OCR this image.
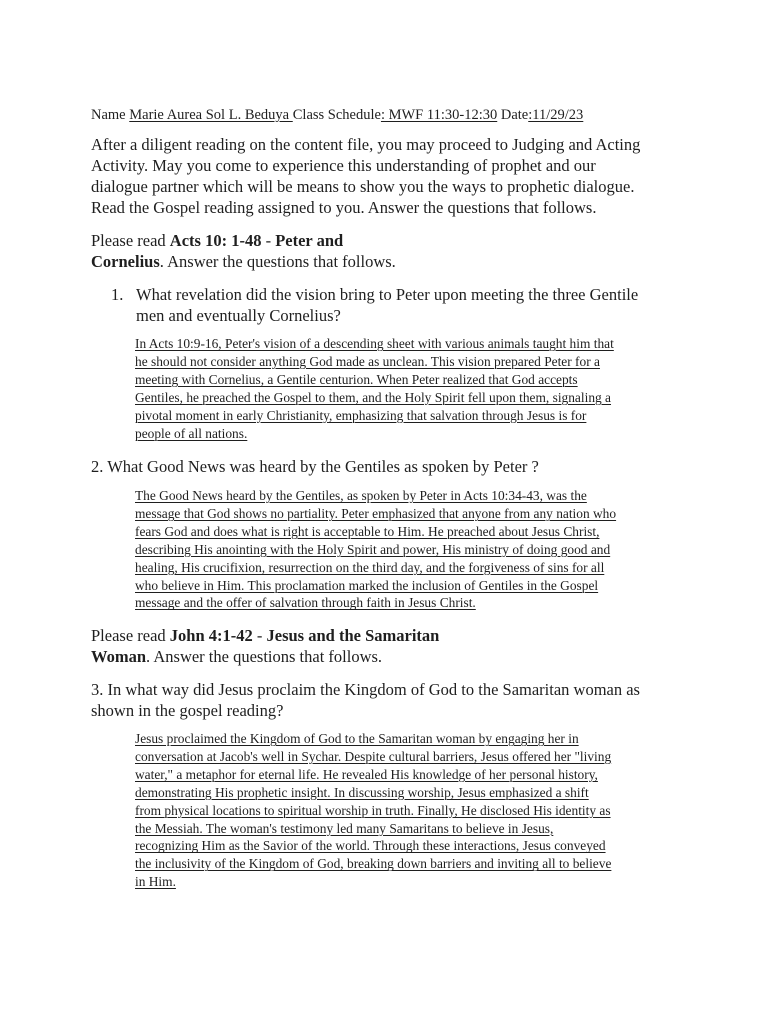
Name Marie Aurea Sol L. Beduya Class Schedule: MWF 11:30-12:30 Date:11/29/23
After a diligent reading on the content file, you may proceed to Judging and Acting
Activity. May you come to experience this understanding of prophet and our
dialogue partner which will be means to show you the ways to prophetic dialogue.
Read the Gospel reading assigned to you. Answer the questions that follows.
Please read Acts 10: 1-48 - Peter and
Cornelius. Answer the questions that follows.
1. What revelation did the vision bring to Peter upon meeting the three Gentile
men and eventually Cornelius?
In Acts 10:9-16, Peter's vision of a descending sheet with various animals taught him that
he should not consider anything God made as unclean. This vision prepared Peter for a
meeting with Cornelius, a Gentile centurion. When Peter realized that God accepts
Gentiles, he preached the Gospel to them, and the Holy Spirit fell upon them, signaling a
pivotal moment in early Christianity, emphasizing that salvation through Jesus is for
people of all nations.
2. What Good News was heard by the Gentiles as spoken by Peter ?
The Good News heard by the Gentiles, as spoken by Peter in Acts 10:34-43, was the
message that God shows no partiality. Peter emphasized that anyone from any nation who
fears God and does what is right is acceptable to Him. He preached about Jesus Christ,
describing His anointing with the Holy Spirit and power, His ministry of doing good and
healing, His crucifixion, resurrection on the third day, and the forgiveness of sins for all
who believe in Him. This proclamation marked the inclusion of Gentiles in the Gospel
message and the offer of salvation through faith in Jesus Christ.
Please read John 4:1-42 - Jesus and the Samaritan
Woman. Answer the questions that follows.
3. In what way did Jesus proclaim the Kingdom of God to the Samaritan woman as
shown in the gospel reading?
Jesus proclaimed the Kingdom of God to the Samaritan woman by engaging her in
conversation at Jacob's well in Sychar. Despite cultural barriers, Jesus offered her "living
water," a metaphor for eternal life. He revealed His knowledge of her personal history,
demonstrating His prophetic insight. In discussing worship, Jesus emphasized a shift
from physical locations to spiritual worship in truth. Finally, He disclosed His identity as
the Messiah. The woman's testimony led many Samaritans to believe in Jesus,
recognizing Him as the Savior of the world. Through these interactions, Jesus conveyed
the inclusivity of the Kingdom of God, breaking down barriers and inviting all to believe
in Him.
